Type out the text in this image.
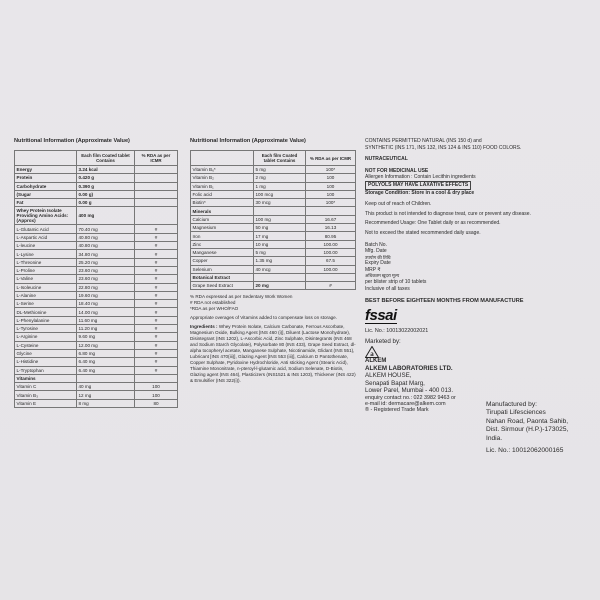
Nutritional Information (Approximate Value)
	Each film Coated tablet Contains	% RDA as per ICMR
Energy	3.24 kcal	
Protein	0.420 g	
Carbohydrate	0.390 g	
(Sugar	0.00 g)	
Fat	0.00 g	
Whey Protein Isolate Providing Amino Acids: (Approx)	400 mg	
L-Glutamic Acid	70.40 mg	#
L-Aspartic Acid	40.80 mg	#
L-leucine	40.80 mg	#
L-Lysine	34.80 mg	#
L-Threonine	25.20 mg	#
L-Proline	23.60 mg	#
L-Valine	23.60 mg	#
L-Isoleucine	22.80 mg	#
L-Alanine	19.60 mg	#
L-Serine	18.40 mg	#
DL-Methionine	14.00 mg	#
L-Phenylalanine	11.60 mg	#
L-Tyrosine	11.20 mg	#
L-Arginine	9.60 mg	#
L-Cysteine	12.00 mg	#
Glycine	6.80 mg	#
L-Histidine	6.40 mg	#
L-Tryptophan	6.40 mg	#
Vitamins		
Vitamin C	40 mg	100
Vitamin B₃	12 mg	100
Vitamin E	8 mg	80
Nutritional Information (Approximate Value)
	Each film Coated tablet Contains	% RDA as per ICMR
Vitamin B₆*	5 mg	100*
Vitamin B₂	2 mg	100
Vitamin B₁	1 mg	100
Folic acid	100 mcg	100
Biotin*	30 mcg	100*
Minerals		
Calcium	100 mg	16.67
Magnesium	50 mg	16.13
Iron	17 mg	80.95
Zinc	10 mg	100.00
Manganese	5 mg	100.00
Copper	1.35 mg	67.5
Selenium	40 mcg	100.00
Botanical Extract		
Grape Seed Extract	20 mg	#
% RDA expressed as per Sedentary Work Women
# RDA not established
*RDA as per WHO/FAO
Appropriate overages of Vitamins added to compensate loss on storage.
Ingredients : Whey Protein Isolate, Calcium Carbonate, Ferrous Ascorbate, Magnesium Oxide, Bulking Agent [INS 460 (i)], Diluent (Lactose Monohydrate), Disintegrant (INS 1202), L-Ascorbic Acid, Zinc Sulphate, Disintegrants (INS 468 and Sodium Starch Glycolate), Polysorbate 80 (INS 433), Grape Seed Extract, dl- alpha tocopheryl acetate, Manganese Sulphate, Nicotinamide, Glidant (INS 551), Lubricant [INS 470(iii)], Glazing Agent [INS 553 (iii)], Calcium D Pantothenate, Copper Sulphate, Pyridoxine Hydrochloride, Anti sticking Agent (Stearic Acid), Thiamine Mononitrate, n-pteroyl-l-glutamic acid, Sodium Selenate, D-Biotin, Glazing agent (INS 464), Plasticizers (INS1521 & INS 1203), Thickener (INS 422) & Emulsifier (INS 322(i)).
CONTAINS PERMITTED NATURAL (INS 150 d) and
SYNTHETIC (INS 171, INS 132, INS 124 & INS 110) FOOD COLORS.
NUTRACEUTICAL
NOT FOR MEDICINAL USE
Allergen Information : Contain Lecithin ingredients
POLYOLS MAY HAVE LAXATIVE EFFECTS
Storage Condition: Store in a cool & dry place
Keep out of reach of Children.
This product is not intended to diagnose treat, cure or prevent any disease.
Recommended Usage: One Tablet daily or as recommended.
Not to exceed the stated recommended daily usage.
Batch No.
Mfg. Date
उपयोग की तिथि
Expiry Date
MRP ₹
अधिकतम खुदरा मूल्य
per blister strip of 10 tablets
Inclusive of all taxes
BEST BEFORE EIGHTEEN MONTHS FROM MANUFACTURE
fssai
Lic. No.: 10013022002021
Marketed by:
a
ALKEM
ALKEM LABORATORIES LTD.
ALKEM HOUSE,
Senapati Bapat Marg,
Lower Parel, Mumbai - 400 013.
enquiry contact no.: 022 3982 9463 or
e-mail id: dermacare@alkem.com
® - Registered Trade Mark
Manufactured by:
Tirupati Lifesciences
Nahan Road, Paonta Sahib,
Dist. Sirmour (H.P.)-173025,
India.
Lic. No.: 10012062000165
